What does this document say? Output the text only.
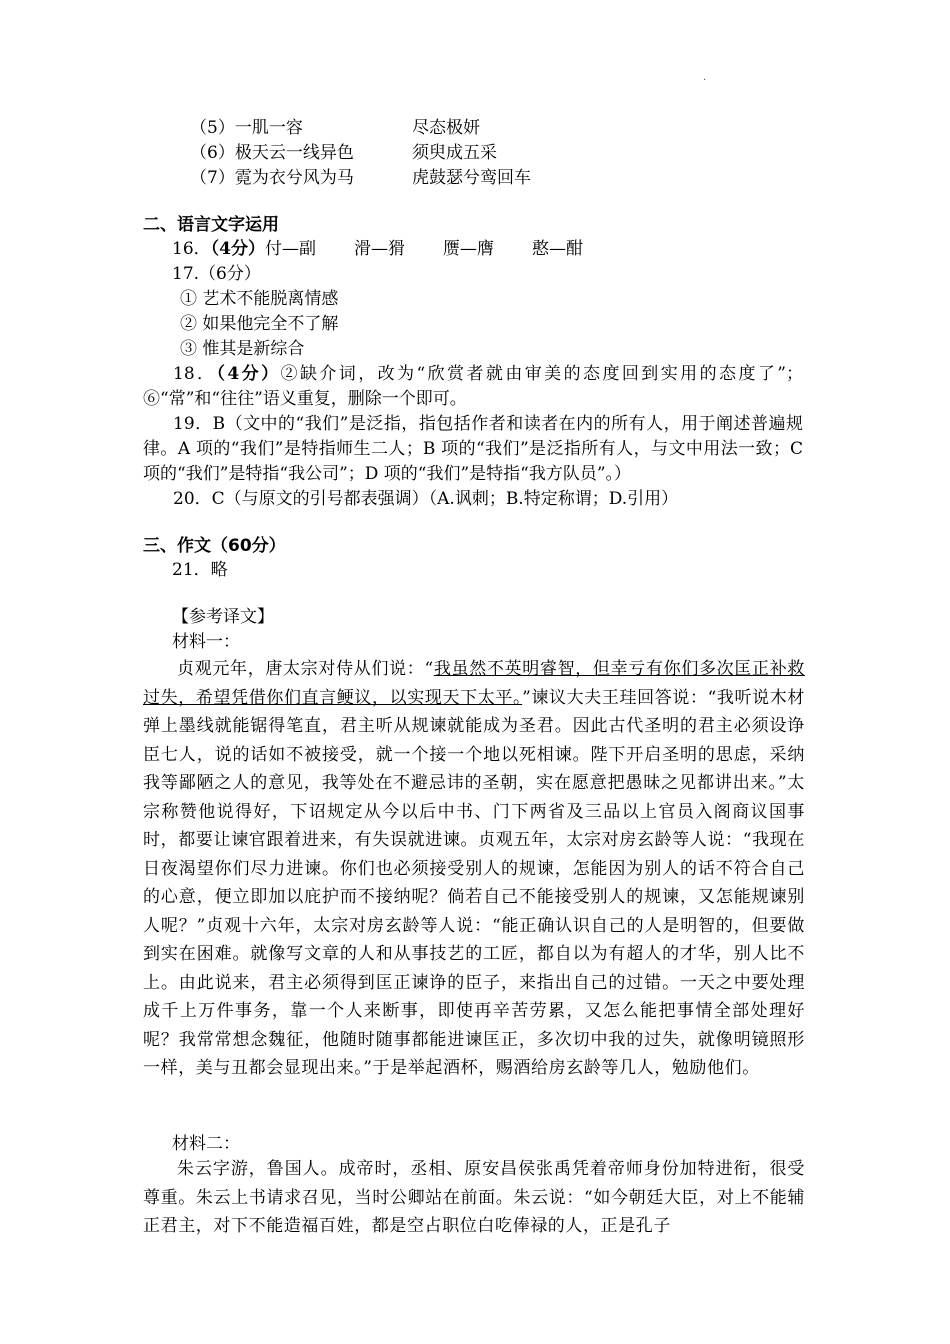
.
（5）一肌一容	尽态极妍
（6）极天云一线异色	须臾成五采
（7）霓为衣兮风为马	虎鼓瑟兮鸾回车
二、语言文字运用
16．（4分）付—副 滑—猾 赝—膺 憨—酣
17.（6分）
① 艺术不能脱离情感
② 如果他完全不了解
③ 惟其是新综合

18．（4分）②缺介词，改为“欣赏者就由审美的态度回到实用的态度了”；⑥“常”和“往往”语义重复，删除一个即可。

19．B（文中的“我们”是泛指，指包括作者和读者在内的所有人，用于阐述普遍规律。A 项的“我们”是特指师生二人；B 项的“我们”是泛指所有人，与文中用法一致；C 项的“我们”是特指“我公司”；D 项的“我们”是特指“我方队员”。）

20．C（与原文的引号都表强调）（A.讽刺；B.特定称谓；D.引用）

三、作文（60分）
21．略
【参考译文】
材料一：

贞观元年，唐太宗对侍从们说：“我虽然不英明睿智，但幸亏有你们多次匡正补救过失，希望凭借你们直言鲠议，以实现天下太平。”谏议大夫王珪回答说：“我听说木材弹上墨线就能锯得笔直，君主听从规谏就能成为圣君。因此古代圣明的君主必须设诤臣七人，说的话如不被接受，就一个接一个地以死相谏。陛下开启圣明的思虑，采纳我等鄙陋之人的意见，我等处在不避忌讳的圣朝，实在愿意把愚昧之见都讲出来。”太宗称赞他说得好，下诏规定从今以后中书、门下两省及三品以上官员入阁商议国事时，都要让谏官跟着进来，有失误就进谏。贞观五年，太宗对房玄龄等人说：“我现在日夜渴望你们尽力进谏。你们也必须接受别人的规谏，怎能因为别人的话不符合自己的心意，便立即加以庇护而不接纳呢？倘若自己不能接受别人的规谏，又怎能规谏别人呢？”贞观十六年，太宗对房玄龄等人说：“能正确认识自己的人是明智的，但要做到实在困难。就像写文章的人和从事技艺的工匠，都自以为有超人的才华，别人比不上。由此说来，君主必须得到匡正谏诤的臣子，来指出自己的过错。一天之中要处理成千上万件事务，靠一个人来断事，即使再辛苦劳累，又怎么能把事情全部处理好呢？我常常想念魏征，他随时随事都能进谏匡正，多次切中我的过失，就像明镜照形一样，美与丑都会显现出来。”于是举起酒杯，赐酒给房玄龄等几人，勉励他们。

材料二：

朱云字游，鲁国人。成帝时，丞相、原安昌侯张禹凭着帝师身份加特进衔，很受尊重。朱云上书请求召见，当时公卿站在前面。朱云说：“如今朝廷大臣，对上不能辅正君主，对下不能造福百姓，都是空占职位白吃俸禄的人，正是孔子
